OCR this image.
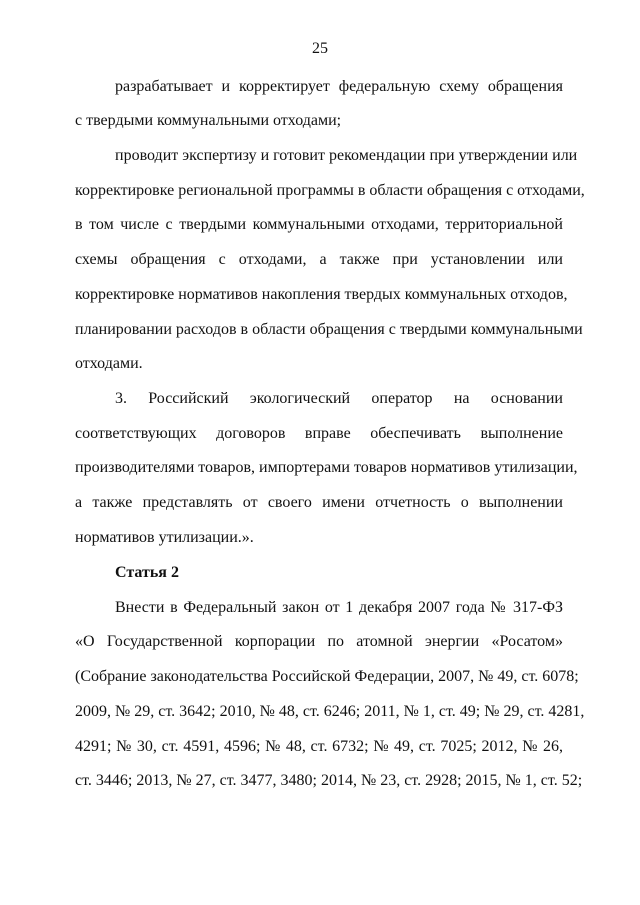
25
разрабатывает и корректирует федеральную схему обращения
с твердыми коммунальными отходами;
проводит экспертизу и готовит рекомендации при утверждении или
корректировке региональной программы в области обращения с отходами,
в том числе с твердыми коммунальными отходами, территориальной
схемы обращения с отходами, а также при установлении или
корректировке нормативов накопления твердых коммунальных отходов,
планировании расходов в области обращения с твердыми коммунальными
отходами.
3. Российский экологический оператор на основании
соответствующих договоров вправе обеспечивать выполнение
производителями товаров, импортерами товаров нормативов утилизации,
а также представлять от своего имени отчетность о выполнении
нормативов утилизации.».
Статья 2
Внести в Федеральный закон от 1 декабря 2007 года № 317-ФЗ
«О Государственной корпорации по атомной энергии «Росатом»
(Собрание законодательства Российской Федерации, 2007, № 49, ст. 6078;
2009, № 29, ст. 3642; 2010, № 48, ст. 6246; 2011, № 1, ст. 49; № 29, ст. 4281,
4291; № 30, ст. 4591, 4596; № 48, ст. 6732; № 49, ст. 7025; 2012, № 26,
ст. 3446; 2013, № 27, ст. 3477, 3480; 2014, № 23, ст. 2928; 2015, № 1, ст. 52;
